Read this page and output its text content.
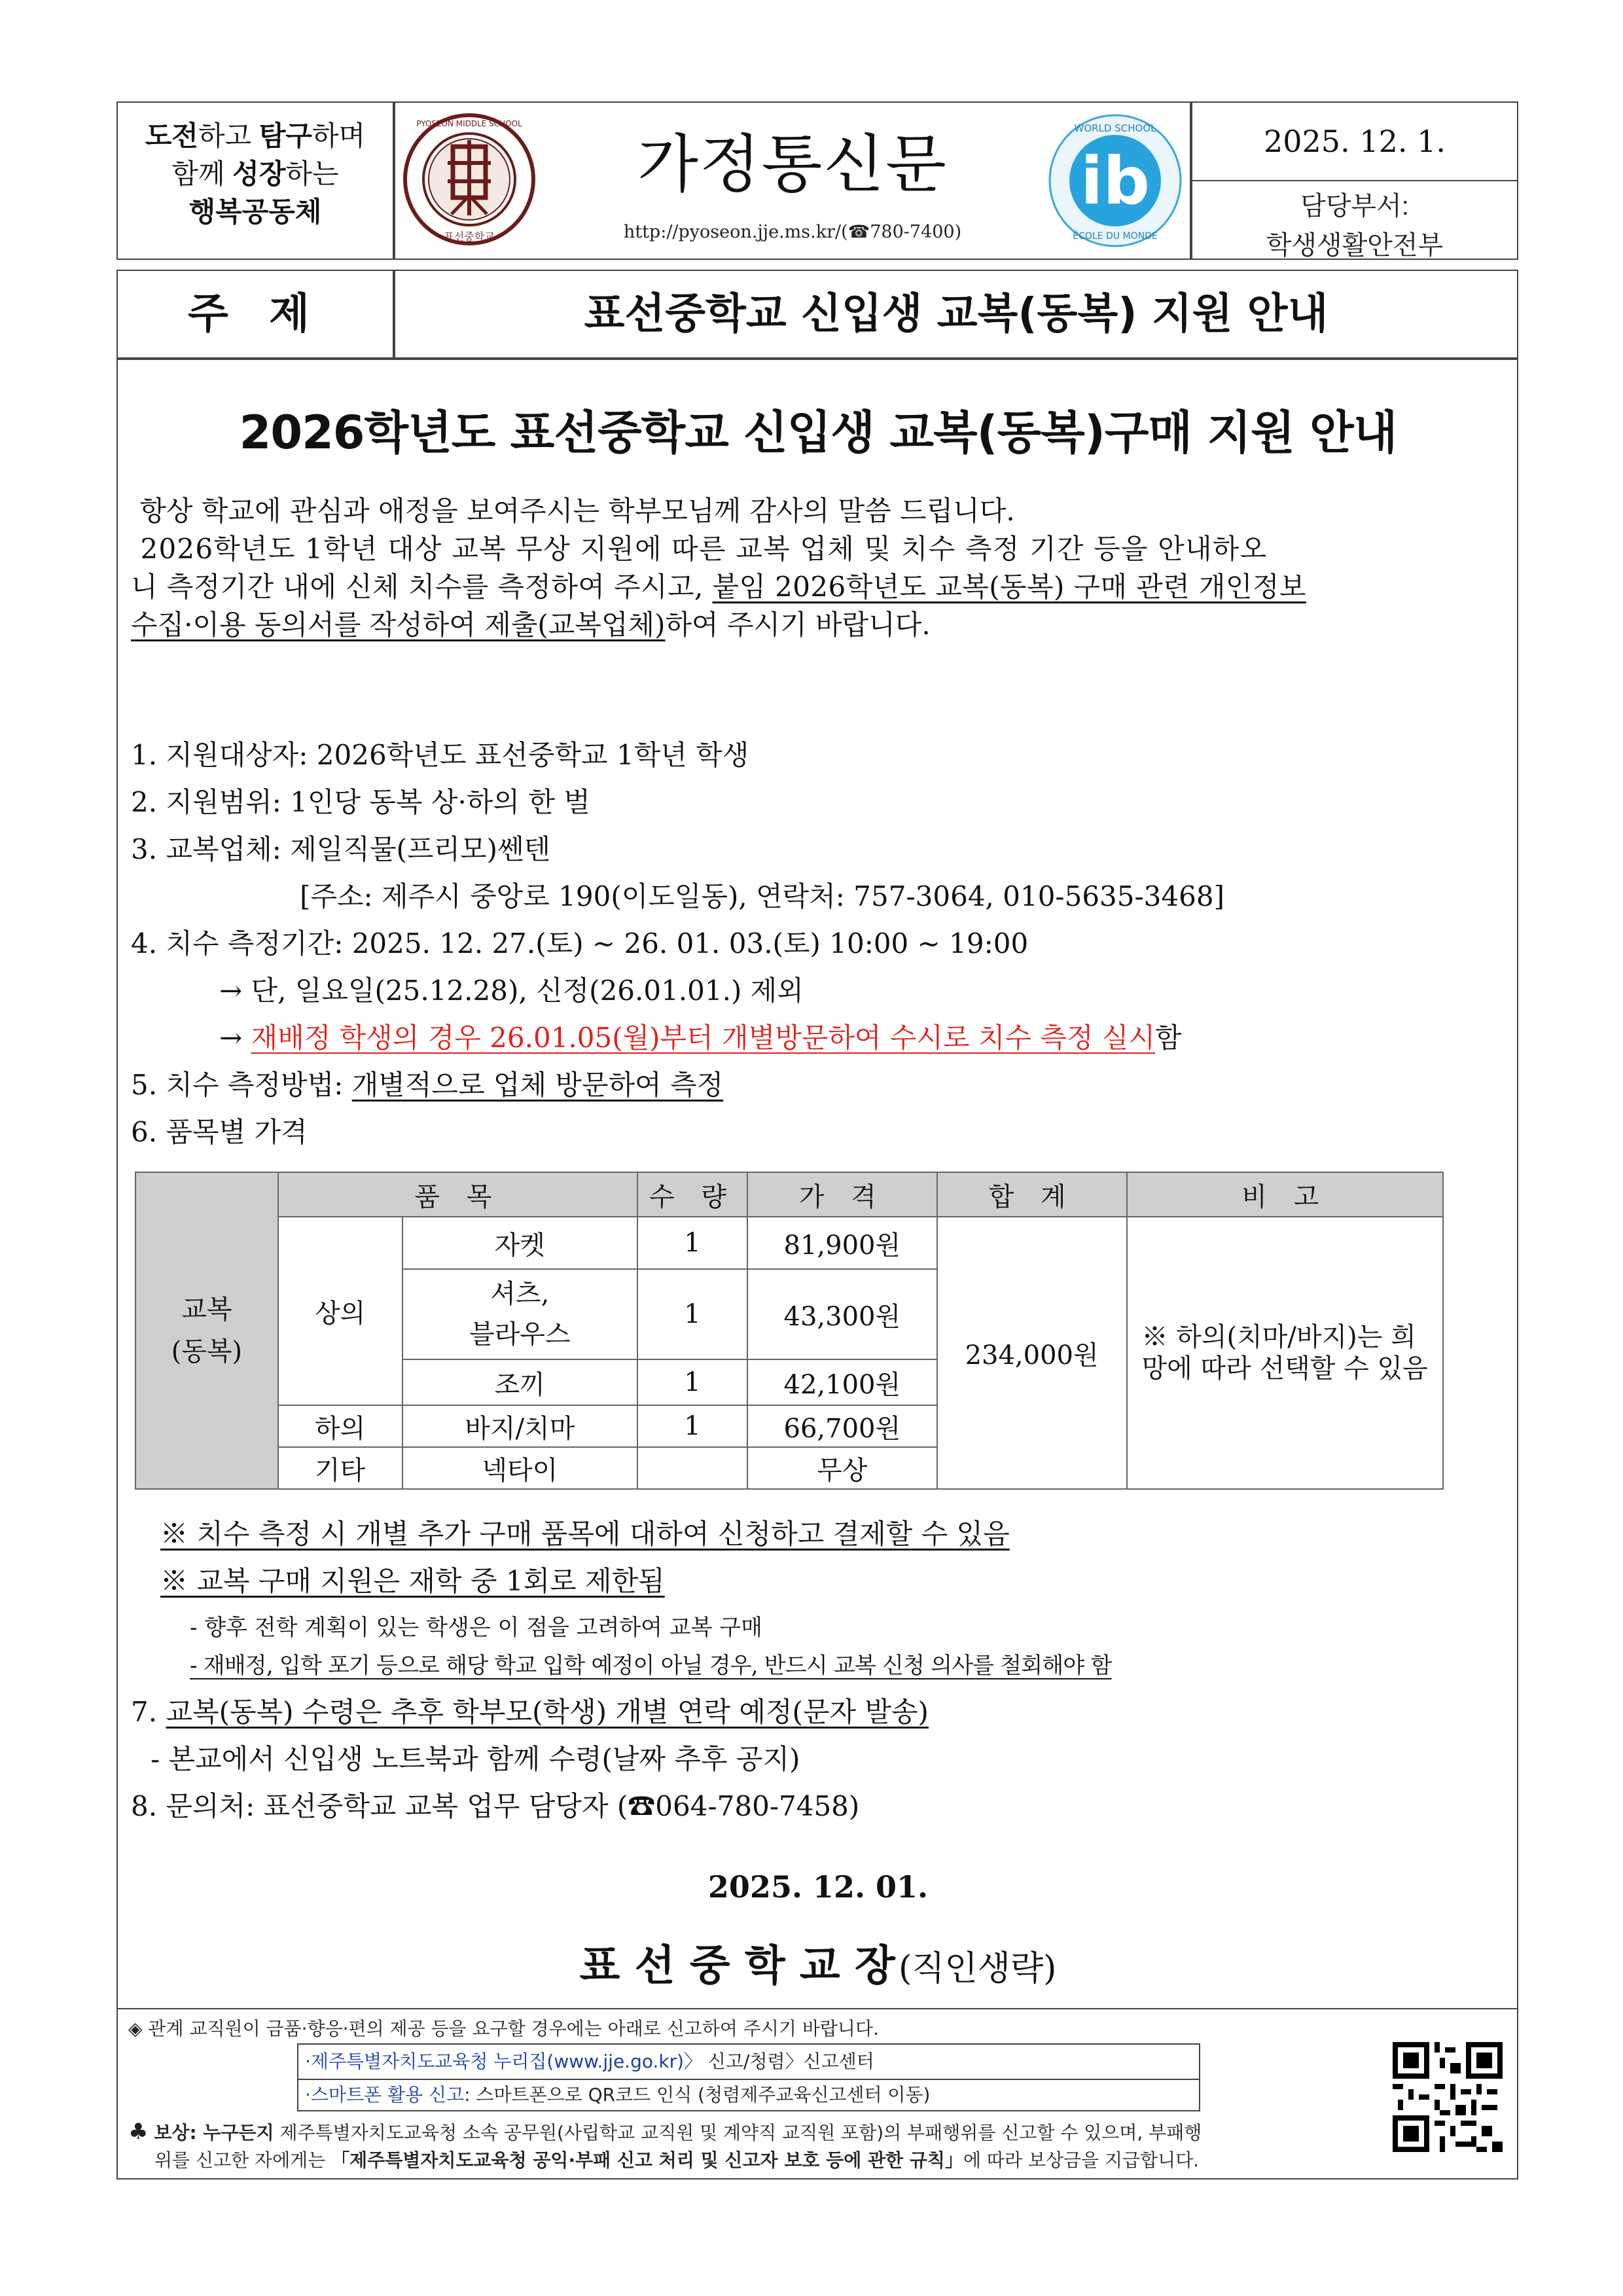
도전하고 탐구하며
함께 성장하는
행복공동체
표선중학교
PYOSEON MIDDLE SCHOOL
가정통신문
http://pyoseon.jje.ms.kr/(☎780-7400)
ib
WORLD SCHOOL
ÉCOLE DU MONDE
2025. 12. 1.
담당부서:
학생생활안전부
주 제	표선중학교 신입생 교복(동복) 지원 안내
2026학년도 표선중학교 신입생 교복(동복)구매 지원 안내
항상 학교에 관심과 애정을 보여주시는 학부모님께 감사의 말씀 드립니다.
2026학년도 1학년 대상 교복 무상 지원에 따른 교복 업체 및 치수 측정 기간 등을 안내하오
니 측정기간 내에 신체 치수를 측정하여 주시고, 붙임 2026학년도 교복(동복) 구매 관련 개인정보
수집·이용 동의서를 작성하여 제출(교복업체)하여 주시기 바랍니다.
1. 지원대상자: 2026학년도 표선중학교 1학년 학생
2. 지원범위: 1인당 동복 상·하의 한 벌
3. 교복업체: 제일직물(프리모)쎈텐
[주소: 제주시 중앙로 190(이도일동), 연락처: 757-3064, 010-5635-3468]
4. 치수 측정기간: 2025. 12. 27.(토) ~ 26. 01. 03.(토) 10:00 ~ 19:00
→ 단, 일요일(25.12.28), 신정(26.01.01.) 제외
→ 재배정 학생의 경우 26.01.05(월)부터 개별방문하여 수시로 치수 측정 실시함
5. 치수 측정방법: 개별적으로 업체 방문하여 측정
6. 품목별 가격
교복
(동복)	품 목		수 량	가 격	합 계	비 고
	상의	자켓	1	81,900원	234,000원	※ 하의(치마/바지)는 희망에 따라 선택할 수 있음

		셔츠,
블라우스	1	43,300원		
		조끼	1	42,100원		
	하의	바지/치마	1	66,700원		
	기타	넥타이		무상		
※ 치수 측정 시 개별 추가 구매 품목에 대하여 신청하고 결제할 수 있음
※ 교복 구매 지원은 재학 중 1회로 제한됨
- 향후 전학 계획이 있는 학생은 이 점을 고려하여 교복 구매
- 재배정, 입학 포기 등으로 해당 학교 입학 예정이 아닐 경우, 반드시 교복 신청 의사를 철회해야 함
7. 교복(동복) 수령은 추후 학부모(학생) 개별 연락 예정(문자 발송)
- 본교에서 신입생 노트북과 함께 수령(날짜 추후 공지)
8. 문의처: 표선중학교 교복 업무 담당자 (☎064-780-7458)
2025. 12. 01.
표 선 중 학 교 장 (직인생략)
◈ 관계 교직원이 금품·향응·편의 제공 등을 요구할 경우에는 아래로 신고하여 주시기 바랍니다.
·제주특별자치도교육청 누리집(www.jje.go.kr)〉 신고/청렴〉신고센터
·스마트폰 활용 신고: 스마트폰으로 QR코드 인식 (청렴제주교육신고센터 이동)
♣ 보상: 누구든지 제주특별자치도교육청 소속 공무원(사립학교 교직원 및 계약직 교직원 포함)의 부패행위를 신고할 수 있으며, 부패행
위를 신고한 자에게는 「제주특별자치도교육청 공익·부패 신고 처리 및 신고자 보호 등에 관한 규칙」에 따라 보상금을 지급합니다.
